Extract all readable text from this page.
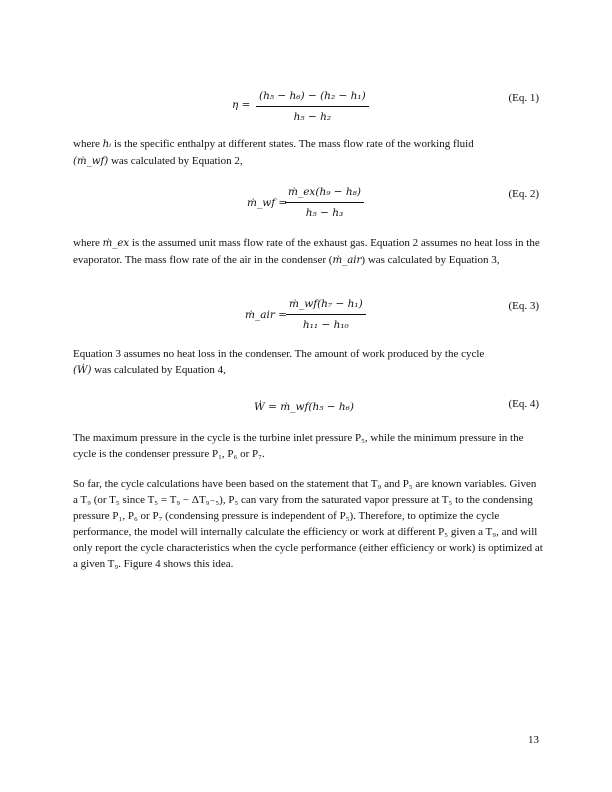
η =
(h₅ − h₆) − (h₂ − h₁)
h₅ − h₂
(Eq. 1)

where hᵢ is the specific enthalpy at different states. The mass flow rate of the working fluid
(ṁ_wf) was calculated by Equation 2,

ṁ_wf =
ṁ_ex(h₉ − h₈)
h₅ − h₃
(Eq. 2)

where ṁ_ex is the assumed unit mass flow rate of the exhaust gas. Equation 2 assumes no heat loss in the evaporator. The mass flow rate of the air in the condenser (ṁ_air) was calculated by Equation 3,

ṁ_air =
ṁ_wf(h₇ − h₁)
h₁₁ − h₁₀
(Eq. 3)

Equation 3 assumes no heat loss in the condenser. The amount of work produced by the cycle
(Ẇ) was calculated by Equation 4,

Ẇ = ṁ_wf(h₅ − h₆)	(Eq. 4)

The maximum pressure in the cycle is the turbine inlet pressure P₅, while the minimum pressure in the cycle is the condenser pressure P₁, P₆ or P₇.

So far, the cycle calculations have been based on the statement that T₉ and P₅ are known variables. Given a T₉ (or T₅ since T₅ = T₉ − ΔT₉₋₅), P₅ can vary from the saturated vapor pressure at T₅ to the condensing pressure P₁, P₆ or P₇ (condensing pressure is independent of P₅). Therefore, to optimize the cycle performance, the model will internally calculate the efficiency or work at different P₅ given a T₉, and will only report the cycle characteristics when the cycle performance (either efficiency or work) is optimized at a given T₉. Figure 4 shows this idea.

13
